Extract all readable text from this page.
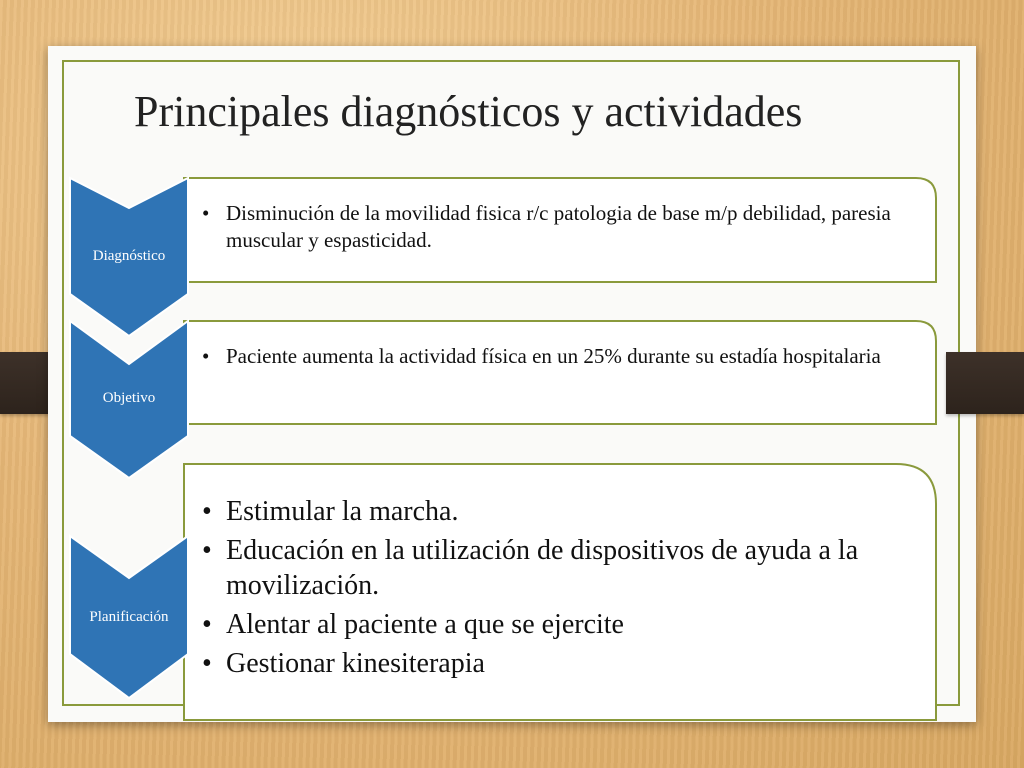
Principales diagnósticos y actividades
Diagnóstico
Objetivo
Planificación
• Disminución de la movilidad fisica r/c patologia de base m/p debilidad, paresia muscular y espasticidad.
• Paciente aumenta la actividad física en un 25% durante su estadía hospitalaria
• Estimular la marcha.
• Educación en la utilización de dispositivos de ayuda a la movilización.
• Alentar al paciente a que se ejercite
• Gestionar kinesiterapia
